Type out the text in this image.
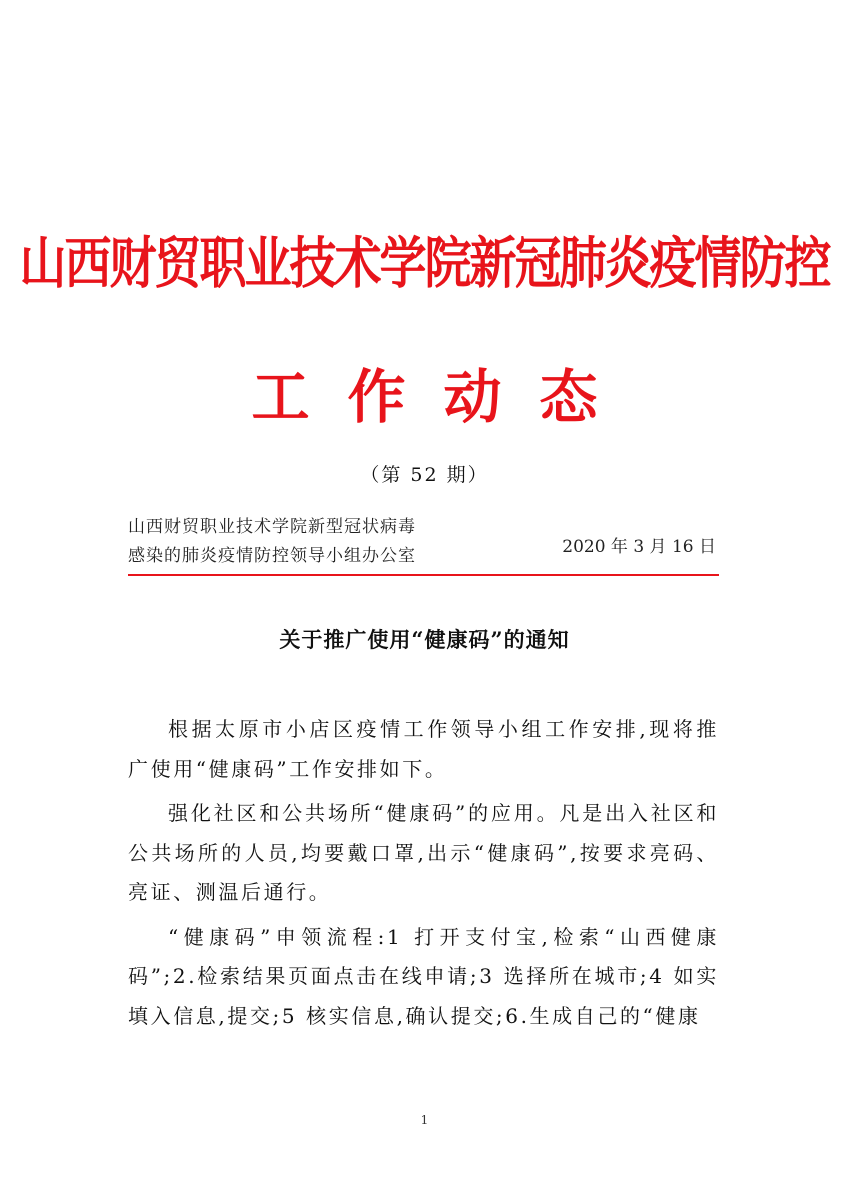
山西财贸职业技术学院新冠肺炎疫情防控
工作动态
（第 52 期）
山西财贸职业技术学院新型冠状病毒
感染的肺炎疫情防控领导小组办公室	2020 年 3 月 16 日
关于推广使用“健康码”的通知

根据太原市小店区疫情工作领导小组工作安排,现将推广使用“健康码”工作安排如下。

强化社区和公共场所“健康码”的应用。凡是出入社区和公共场所的人员,均要戴口罩,出示“健康码”,按要求亮码、亮证、测温后通行。

“健康码”申领流程:1 打开支付宝,检索“山西健康码”;2.检索结果页面点击在线申请;3 选择所在城市;4 如实填入信息,提交;5 核实信息,确认提交;6.生成自己的“健康

1
